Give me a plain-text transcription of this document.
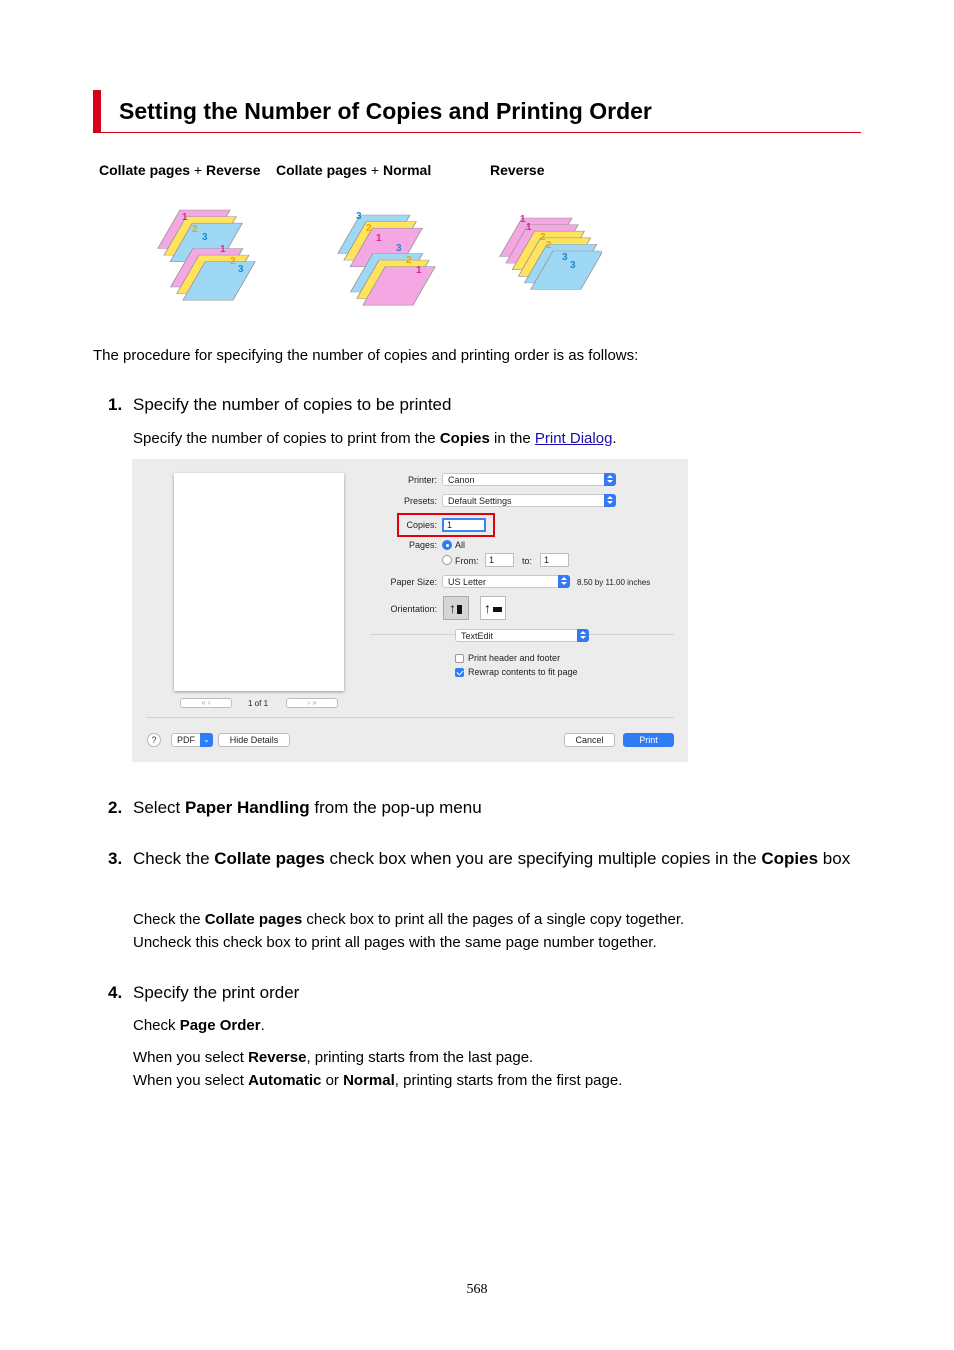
Setting the Number of Copies and Printing Order
Collate pages + Reverse Collate pages + Normal	Reverse
1
2
3
1
2
3
3
2
1
3
2
1
1
1
2
2
3
3
The procedure for specifying the number of copies and printing order is as follows:
1. Specify the number of copies to be printed
Specify the number of copies to print from the Copies in the Print Dialog.
« ‹	1 of 1	› »
Printer:	Canon
Presets:	Default Settings
Copies:	1
Pages: All
From:	1	to:	1
Paper Size:	US Letter	8.50 by 11.00 inches
Orientation: ↑ ↑
TextEdit
Print header and footer
Rewrap contents to fit page
?	PDF	⌄	Hide Details	Cancel	Print
2. Select Paper Handling from the pop-up menu
3. Check the Collate pages check box when you are specifying multiple copies in the Copies box
Check the Collate pages check box to print all the pages of a single copy together.
Uncheck this check box to print all pages with the same page number together.
4. Specify the print order
Check Page Order.
When you select Reverse, printing starts from the last page.
When you select Automatic or Normal, printing starts from the first page.
568
